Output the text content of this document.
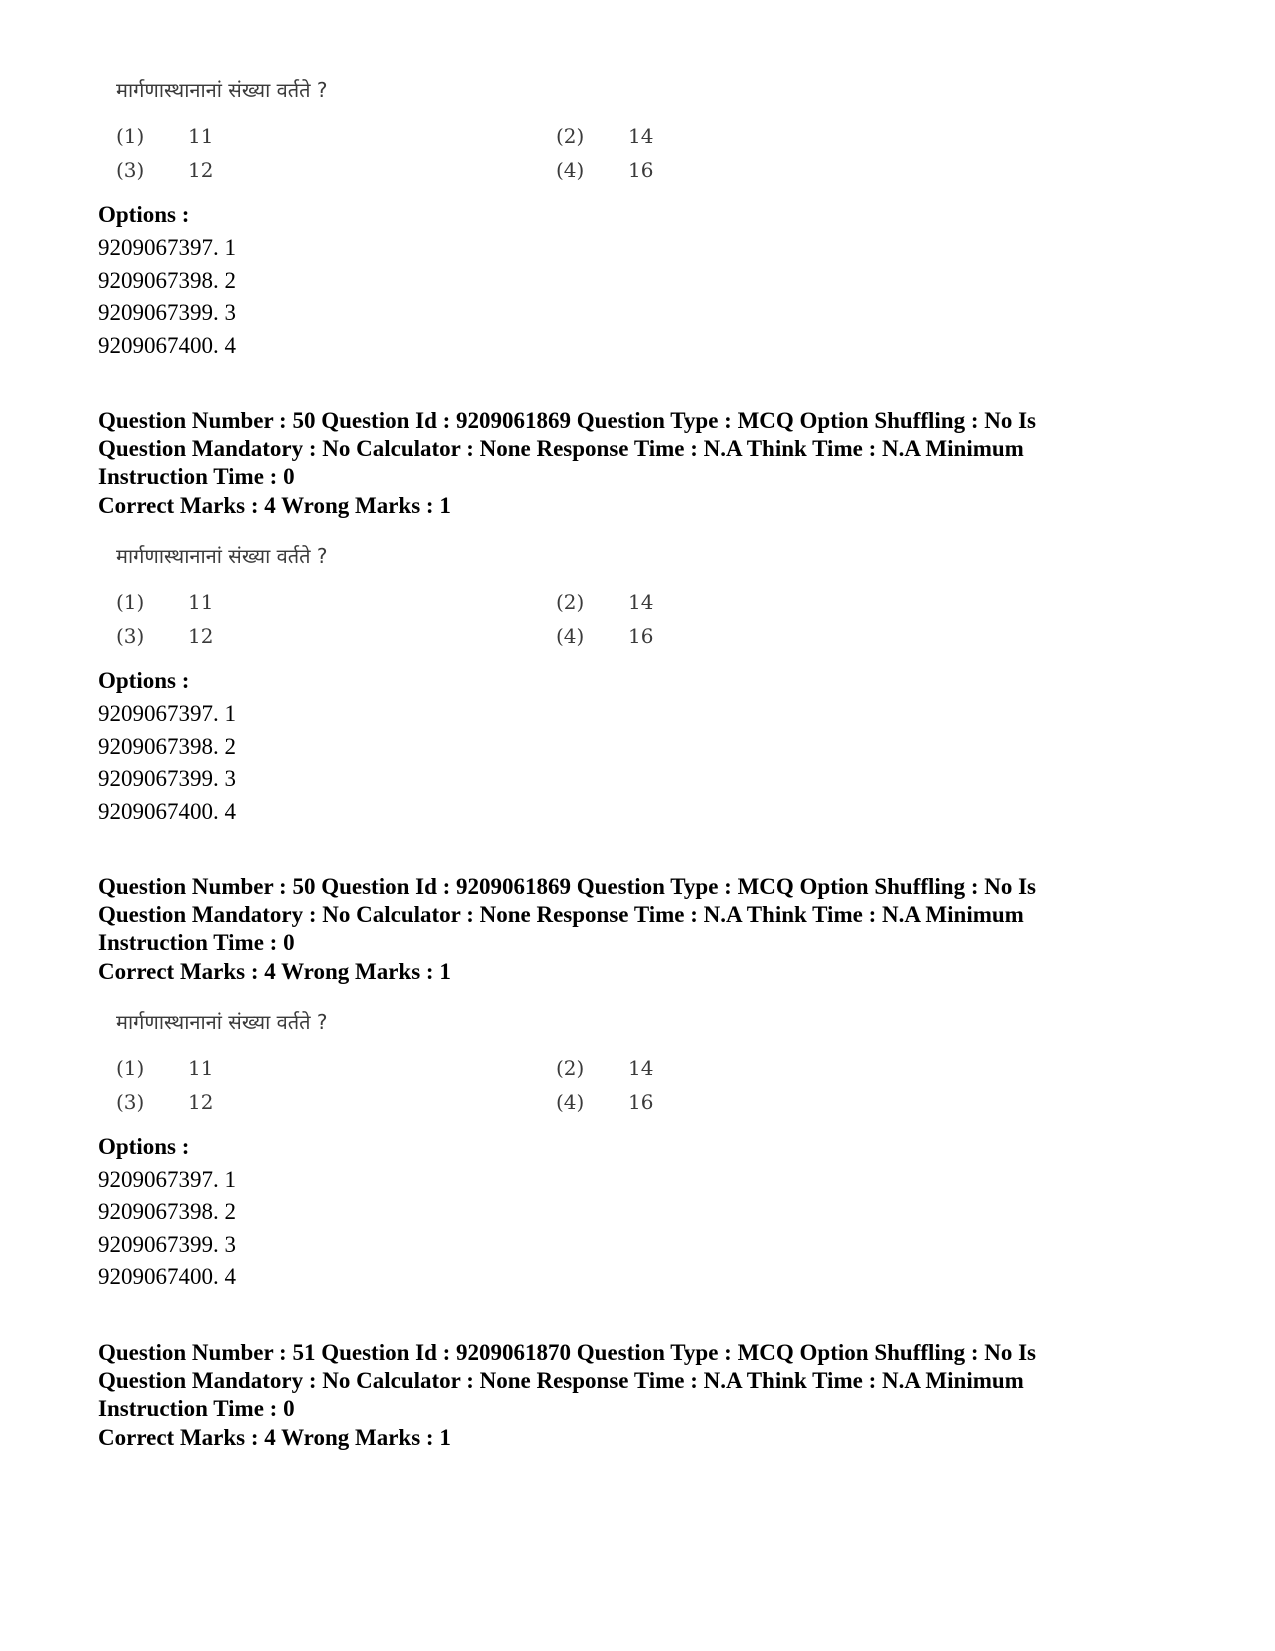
मार्गणास्थानानां संख्या वर्तते ?
(1) 11	(2) 14
(3) 12	(4) 16
Options :
9209067397. 1
9209067398. 2
9209067399. 3
9209067400. 4
Question Number : 50 Question Id : 9209061869 Question Type : MCQ Option Shuffling : No Is Question Mandatory : No Calculator : None Response Time : N.A Think Time : N.A Minimum Instruction Time : 0
Correct Marks : 4 Wrong Marks : 1
मार्गणास्थानानां संख्या वर्तते ?
(1) 11	(2) 14
(3) 12	(4) 16
Options :
9209067397. 1
9209067398. 2
9209067399. 3
9209067400. 4
Question Number : 50 Question Id : 9209061869 Question Type : MCQ Option Shuffling : No Is Question Mandatory : No Calculator : None Response Time : N.A Think Time : N.A Minimum Instruction Time : 0
Correct Marks : 4 Wrong Marks : 1
मार्गणास्थानानां संख्या वर्तते ?
(1) 11	(2) 14
(3) 12	(4) 16
Options :
9209067397. 1
9209067398. 2
9209067399. 3
9209067400. 4
Question Number : 51 Question Id : 9209061870 Question Type : MCQ Option Shuffling : No Is Question Mandatory : No Calculator : None Response Time : N.A Think Time : N.A Minimum Instruction Time : 0
Correct Marks : 4 Wrong Marks : 1
